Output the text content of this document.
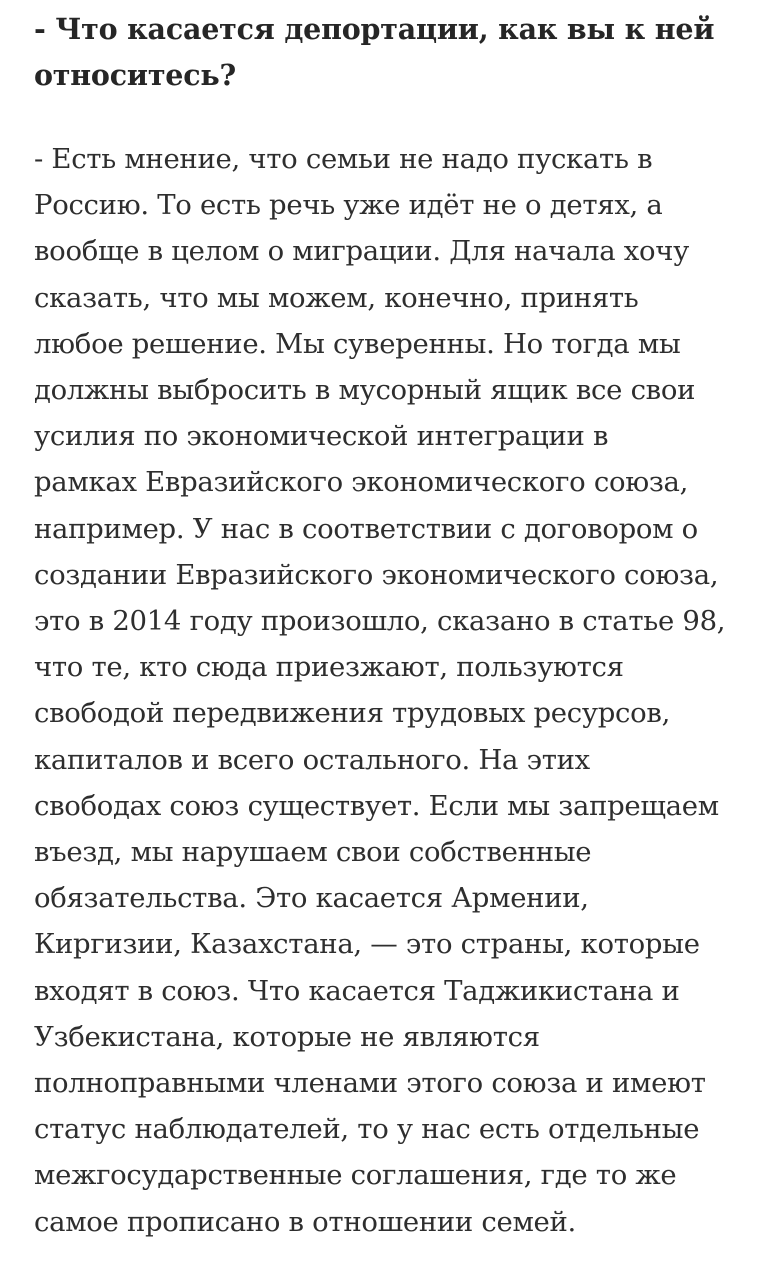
- Что касается депортации, как вы к ней
относитесь?

- Есть мнение, что семьи не надо пускать в
Россию. То есть речь уже идёт не о детях, а
вообще в целом о миграции. Для начала хочу
сказать, что мы можем, конечно, принять
любое решение. Мы суверенны. Но тогда мы
должны выбросить в мусорный ящик все свои
усилия по экономической интеграции в
рамках Евразийского экономического союза,
например. У нас в соответствии с договором о
создании Евразийского экономического союза,
это в 2014 году произошло, сказано в статье 98,
что те, кто сюда приезжают, пользуются
свободой передвижения трудовых ресурсов,
капиталов и всего остального. На этих
свободах союз существует. Если мы запрещаем
въезд, мы нарушаем свои собственные
обязательства. Это касается Армении,
Киргизии, Казахстана, — это страны, которые
входят в союз. Что касается Таджикистана и
Узбекистана, которые не являются
полноправными членами этого союза и имеют
статус наблюдателей, то у нас есть отдельные
межгосударственные соглашения, где то же
самое прописано в отношении семей.
